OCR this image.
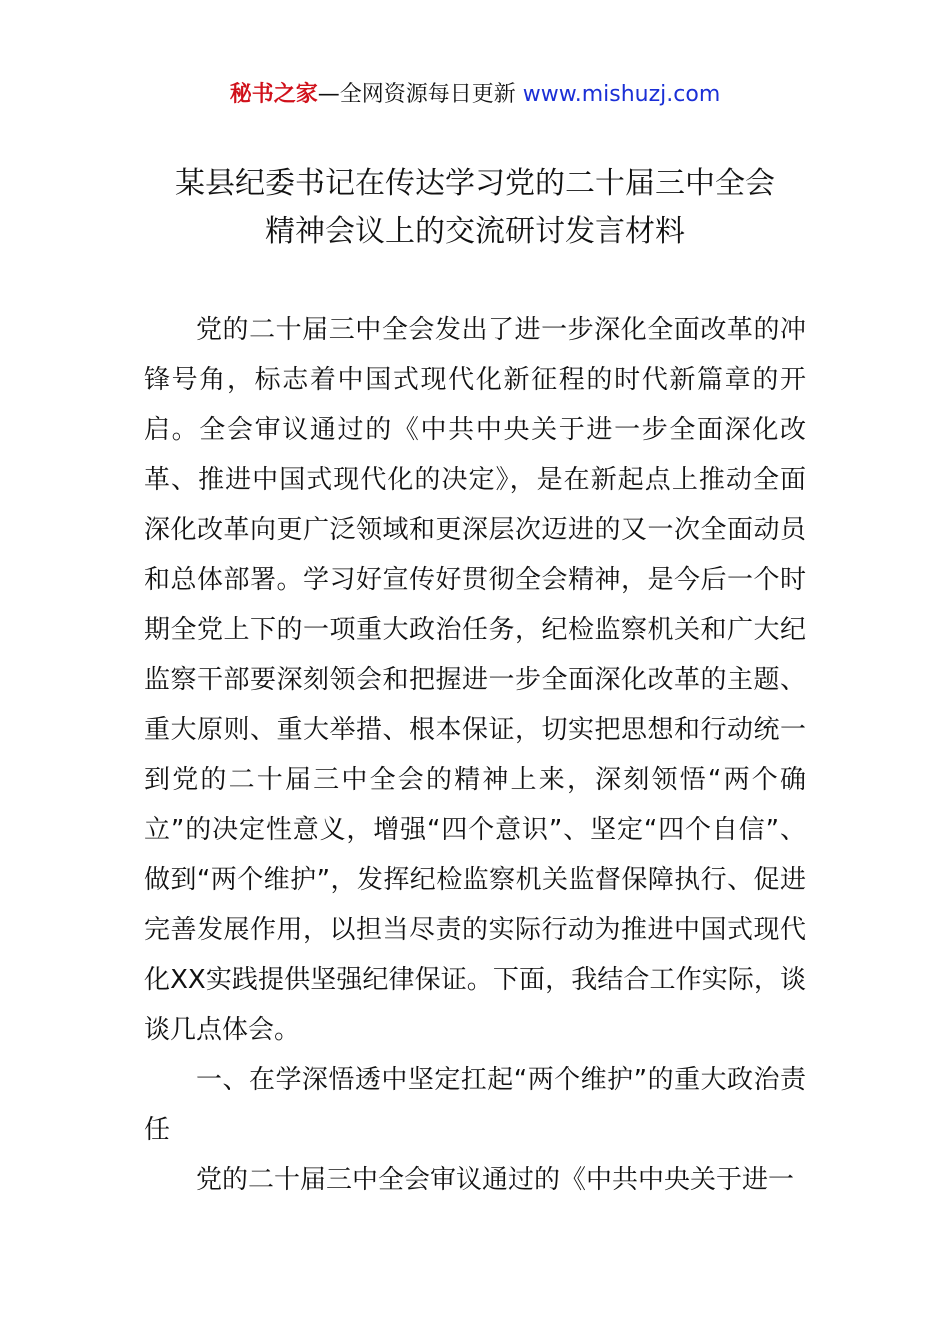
秘书之家—全网资源每日更新 www.mishuzj.com
某县纪委书记在传达学习党的二十届三中全会
精神会议上的交流研讨发言材料

党的二十届三中全会发出了进一步深化全面改革的冲锋号角，标志着中国式现代化新征程的时代新篇章的开启。全会审议通过的《中共中央关于进一步全面深化改革、推进中国式现代化的决定》，是在新起点上推动全面深化改革向更广泛领域和更深层次迈进的又一次全面动员和总体部署。学习好宣传好贯彻全会精神，是今后一个时期全党上下的一项重大政治任务，纪检监察机关和广大纪监察干部要深刻领会和把握进一步全面深化改革的主题、重大原则、重大举措、根本保证，切实把思想和行动统一到党的二十届三中全会的精神上来，深刻领悟“两个确立”的决定性意义，增强“四个意识”、坚定“四个自信”、做到“两个维护”，发挥纪检监察机关监督保障执行、促进完善发展作用，以担当尽责的实际行动为推进中国式现代化XX实践提供坚强纪律保证。下面，我结合工作实际，谈谈几点体会。

一、在学深悟透中坚定扛起“两个维护”的重大政治责任

党的二十届三中全会审议通过的《中共中央关于进一
